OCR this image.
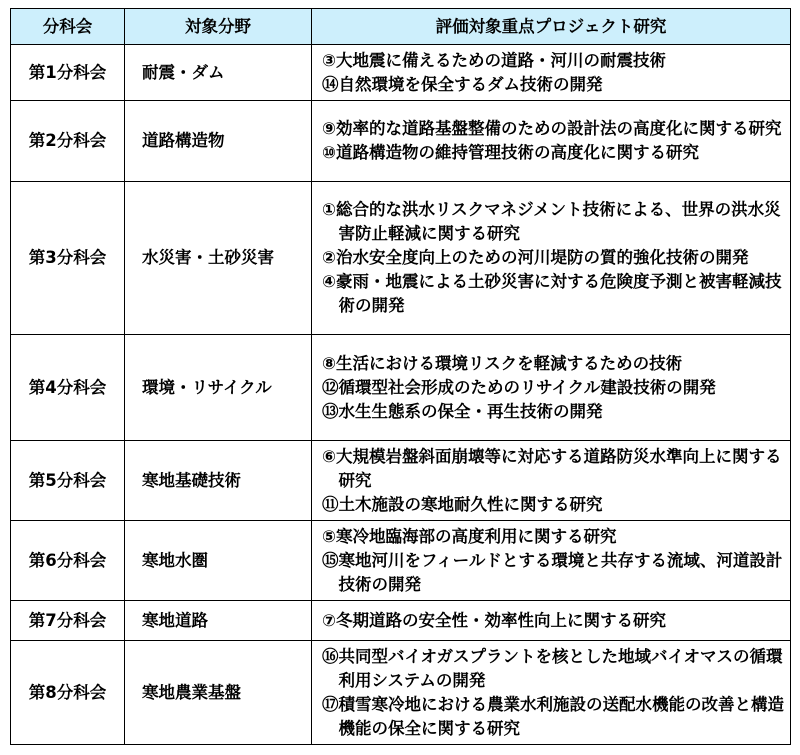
分科会	対象分野	評価対象重点プロジェクト研究
第1分科会	耐震・ダム	③大地震に備えるための道路・河川の耐震技術
⑭自然環境を保全するダム技術の開発

第2分科会	道路構造物	⑨効率的な道路基盤整備のための設計法の高度化に関する研究
⑩道路構造物の維持管理技術の高度化に関する研究

第3分科会	水災害・土砂災害	①総合的な洪水リスクマネジメント技術による、世界の洪水災害防止軽減に関する研究
②治水安全度向上のための河川堤防の質的強化技術の開発
④豪雨・地震による土砂災害に対する危険度予測と被害軽減技術の開発

第4分科会	環境・リサイクル	⑧生活における環境リスクを軽減するための技術
⑫循環型社会形成のためのリサイクル建設技術の開発
⑬水生生態系の保全・再生技術の開発

第5分科会	寒地基礎技術	⑥大規模岩盤斜面崩壊等に対応する道路防災水準向上に関する研究
⑪土木施設の寒地耐久性に関する研究

第6分科会	寒地水圏	⑤寒冷地臨海部の高度利用に関する研究
⑮寒地河川をフィールドとする環境と共存する流域、河道設計技術の開発

第7分科会	寒地道路	⑦冬期道路の安全性・効率性向上に関する研究

第8分科会	寒地農業基盤	⑯共同型バイオガスプラントを核とした地域バイオマスの循環利用システムの開発
⑰積雪寒冷地における農業水利施設の送配水機能の改善と構造機能の保全に関する研究
